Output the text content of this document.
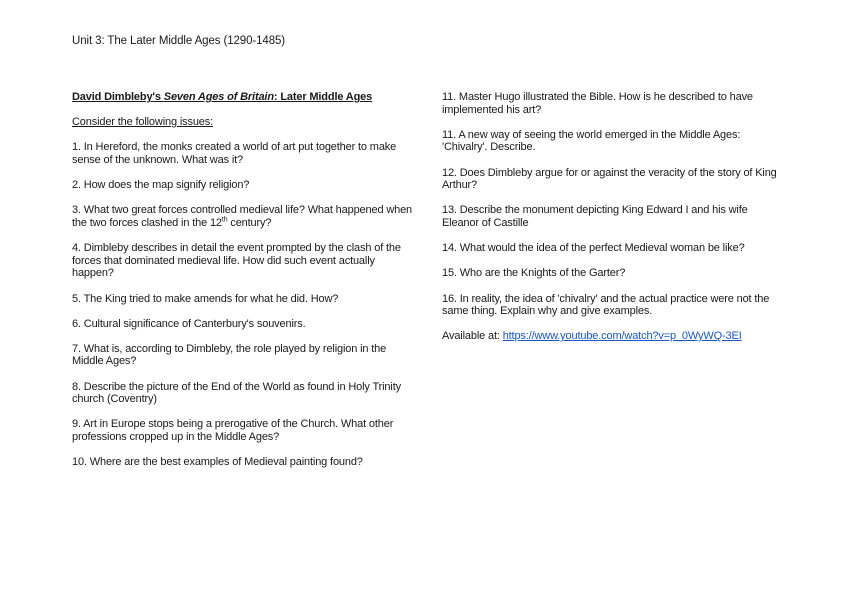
Unit 3: The Later Middle Ages (1290-1485)
David Dimbleby's Seven Ages of Britain: Later Middle Ages
Consider the following issues:

1. In Hereford, the monks created a world of art put together to make sense of the unknown. What was it?

2. How does the map signify religion?

3. What two great forces controlled medieval life? What happened when the two forces clashed in the 12th century?

4. Dimbleby describes in detail the event prompted by the clash of the forces that dominated medieval life. How did such event actually happen?

5. The King tried to make amends for what he did. How?

6. Cultural significance of Canterbury's souvenirs.

7. What is, according to Dimbleby, the role played by religion in the Middle Ages?

8. Describe the picture of the End of the World as found in Holy Trinity church (Coventry)

9. Art in Europe stops being a prerogative of the Church. What other professions cropped up in the Middle Ages?

10. Where are the best examples of Medieval painting found?

11. Master Hugo illustrated the Bible. How is he described to have implemented his art?

11. A new way of seeing the world emerged in the Middle Ages: 'Chivalry'. Describe.

12. Does Dimbleby argue for or against the veracity of the story of King Arthur?

13. Describe the monument depicting King Edward I and his wife Eleanor of Castille

14. What would the idea of the perfect Medieval woman be like?

15. Who are the Knights of the Garter?

16. In reality, the idea of 'chivalry' and the actual practice were not the same thing. Explain why and give examples.

Available at: https://www.youtube.com/watch?v=p_0WyWQ-3EI
